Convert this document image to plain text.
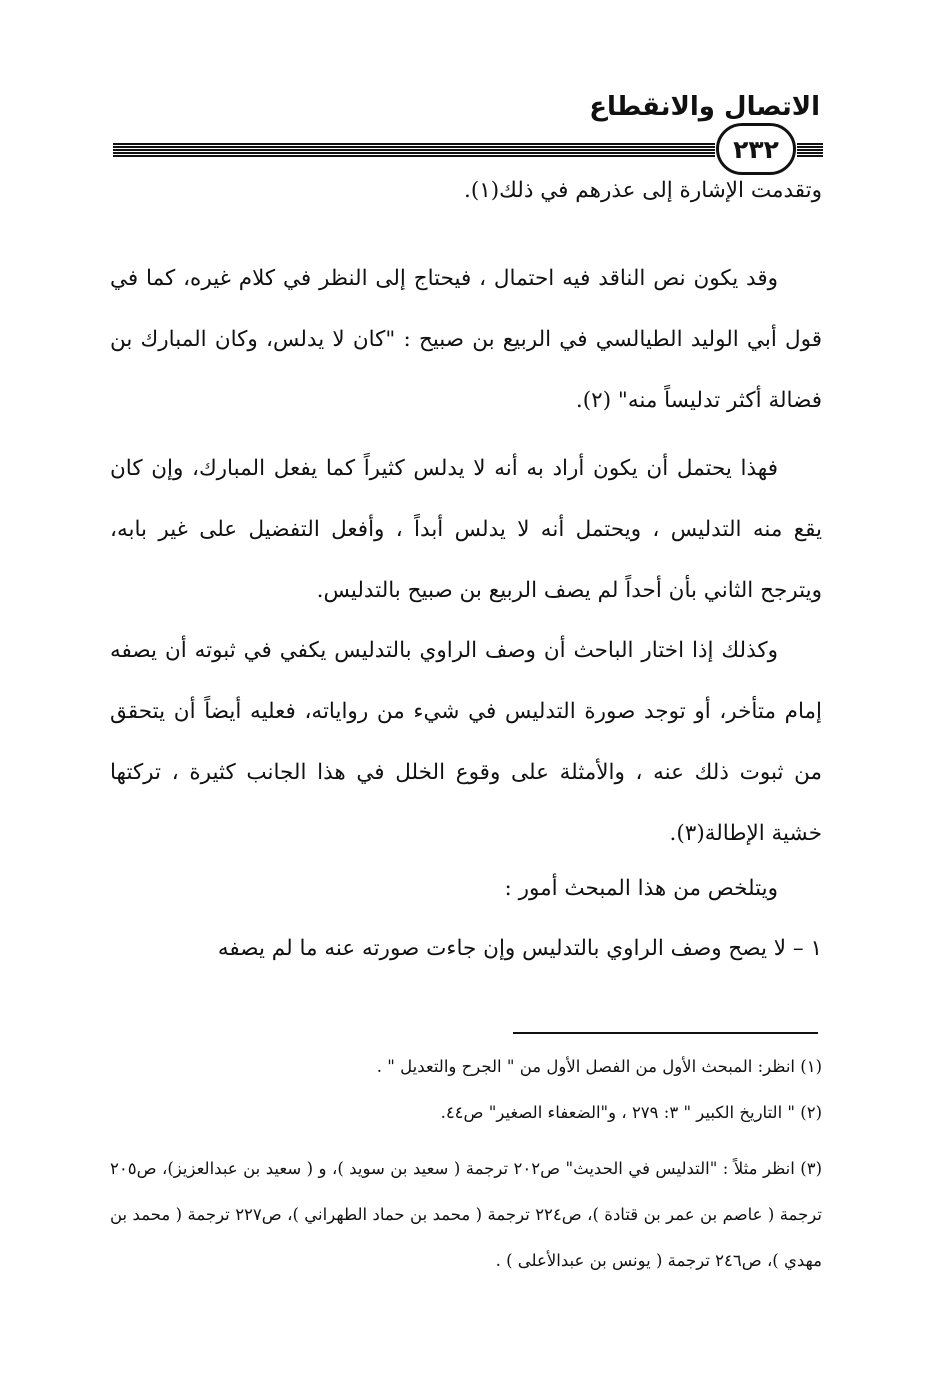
الاتصال والانقطاع
٢٣٢

وتقدمت الإشارة إلى عذرهم في ذلك(١).

وقد يكون نص الناقد فيه احتمال ، فيحتاج إلى النظر في كلام غيره، كما في قول أبي الوليد الطيالسي في الربيع بن صبيح : "كان لا يدلس، وكان المبارك بن فضالة أكثر تدليساً منه" (٢).

فهذا يحتمل أن يكون أراد به أنه لا يدلس كثيراً كما يفعل المبارك، وإن كان يقع منه التدليس ، ويحتمل أنه لا يدلس أبداً ، وأفعل التفضيل على غير بابه، ويترجح الثاني بأن أحداً لم يصف الربيع بن صبيح بالتدليس.

وكذلك إذا اختار الباحث أن وصف الراوي بالتدليس يكفي في ثبوته أن يصفه إمام متأخر، أو توجد صورة التدليس في شيء من رواياته، فعليه أيضاً أن يتحقق من ثبوت ذلك عنه ، والأمثلة على وقوع الخلل في هذا الجانب كثيرة ، تركتها خشية الإطالة(٣).

ويتلخص من هذا المبحث أمور :

١ – لا يصح وصف الراوي بالتدليس وإن جاءت صورته عنه ما لم يصفه

(١) انظر: المبحث الأول من الفصل الأول من " الجرح والتعديل " .

(٢) " التاريخ الكبير " ٣: ٢٧٩ ، و"الضعفاء الصغير" ص٤٤.

(٣) انظر مثلاً : "التدليس في الحديث" ص٢٠٢ ترجمة ( سعيد بن سويد )، و ( سعيد بن عبدالعزيز)، ص٢٠٥ ترجمة ( عاصم بن عمر بن قتادة )، ص٢٢٤ ترجمة ( محمد بن حماد الطهراني )، ص٢٢٧ ترجمة ( محمد بن مهدي )، ص٢٤٦ ترجمة ( يونس بن عبدالأعلى ) .
